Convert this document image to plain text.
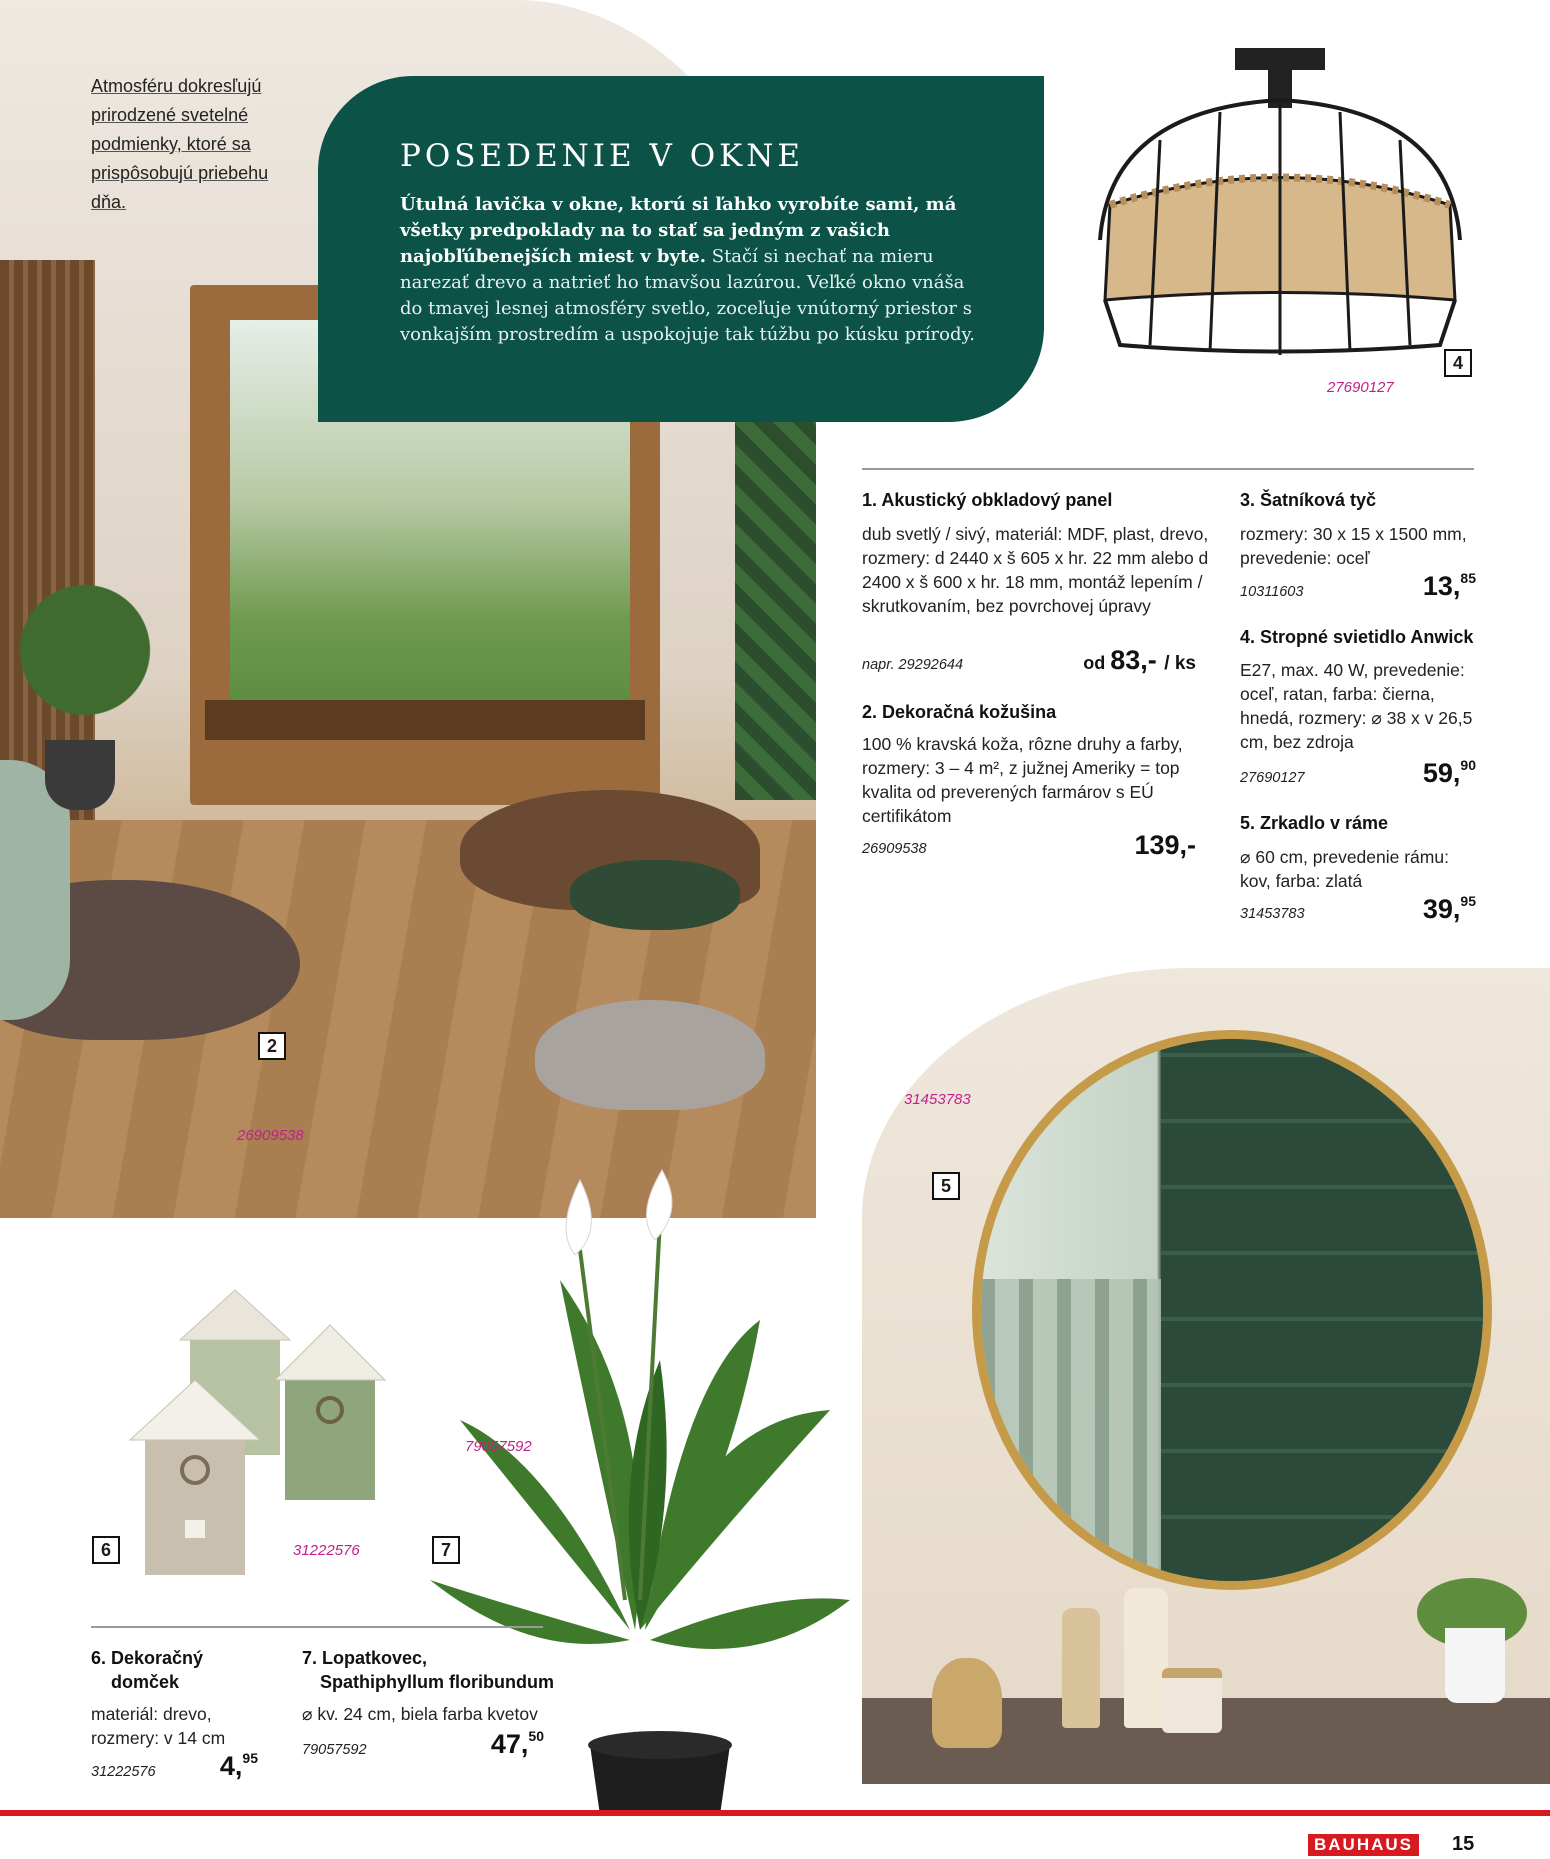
Atmosféru dokresľujú prirodzené svetelné podmienky, ktoré sa prispôsobujú priebehu dňa.
2
26909538
POSEDENIE V OKNE
Útulná lavička v okne, ktorú si ľahko vyrobíte sami, má všetky predpoklady na to stať sa jedným z vašich najobľúbenejších miest v byte. Stačí si nechať na mieru narezať drevo a natrieť ho tmavšou lazúrou. Veľké okno vnáša do tmavej lesnej atmosféry svetlo, zoceľuje vnútorný priestor s vonkajším prostredím a uspokojuje tak túžbu po kúsku prírody.
4
27690127
1. Akustický obkladový panel
dub svetlý / sivý, materiál: MDF, plast, drevo, rozmery: d 2440 x š 605 x hr. 22 mm alebo d 2400 x š 600 x hr. 18 mm, montáž lepením / skrutkovaním, bez povrchovej úpravy
napr. 29292644	od 83,- / ks
2. Dekoračná kožušina
100 % kravská koža, rôzne druhy a farby, rozmery: 3 – 4 m², z južnej Ameriky = top kvalita od preverených farmárov s EÚ certifikátom
26909538	139,-
3. Šatníková tyč
rozmery: 30 x 15 x 1500 mm, prevedenie: oceľ
10311603	13,85
4. Stropné svietidlo Anwick
E27, max. 40 W, prevedenie: oceľ, ratan, farba: čierna, hnedá, rozmery: ⌀ 38 x v 26,5 cm, bez zdroja
27690127	59,90
5. Zrkadlo v ráme
⌀ 60 cm, prevedenie rámu: kov, farba: zlatá
31453783	39,95
31453783
5
6	31222576
79057592
7
6. Dekoračný
domček
materiál: drevo, rozmery: v 14 cm
31222576	4,95
7. Lopatkovec,
Spathiphyllum floribundum
⌀ kv. 24 cm, biela farba kvetov
79057592	47,50
BAUHAUS	15
